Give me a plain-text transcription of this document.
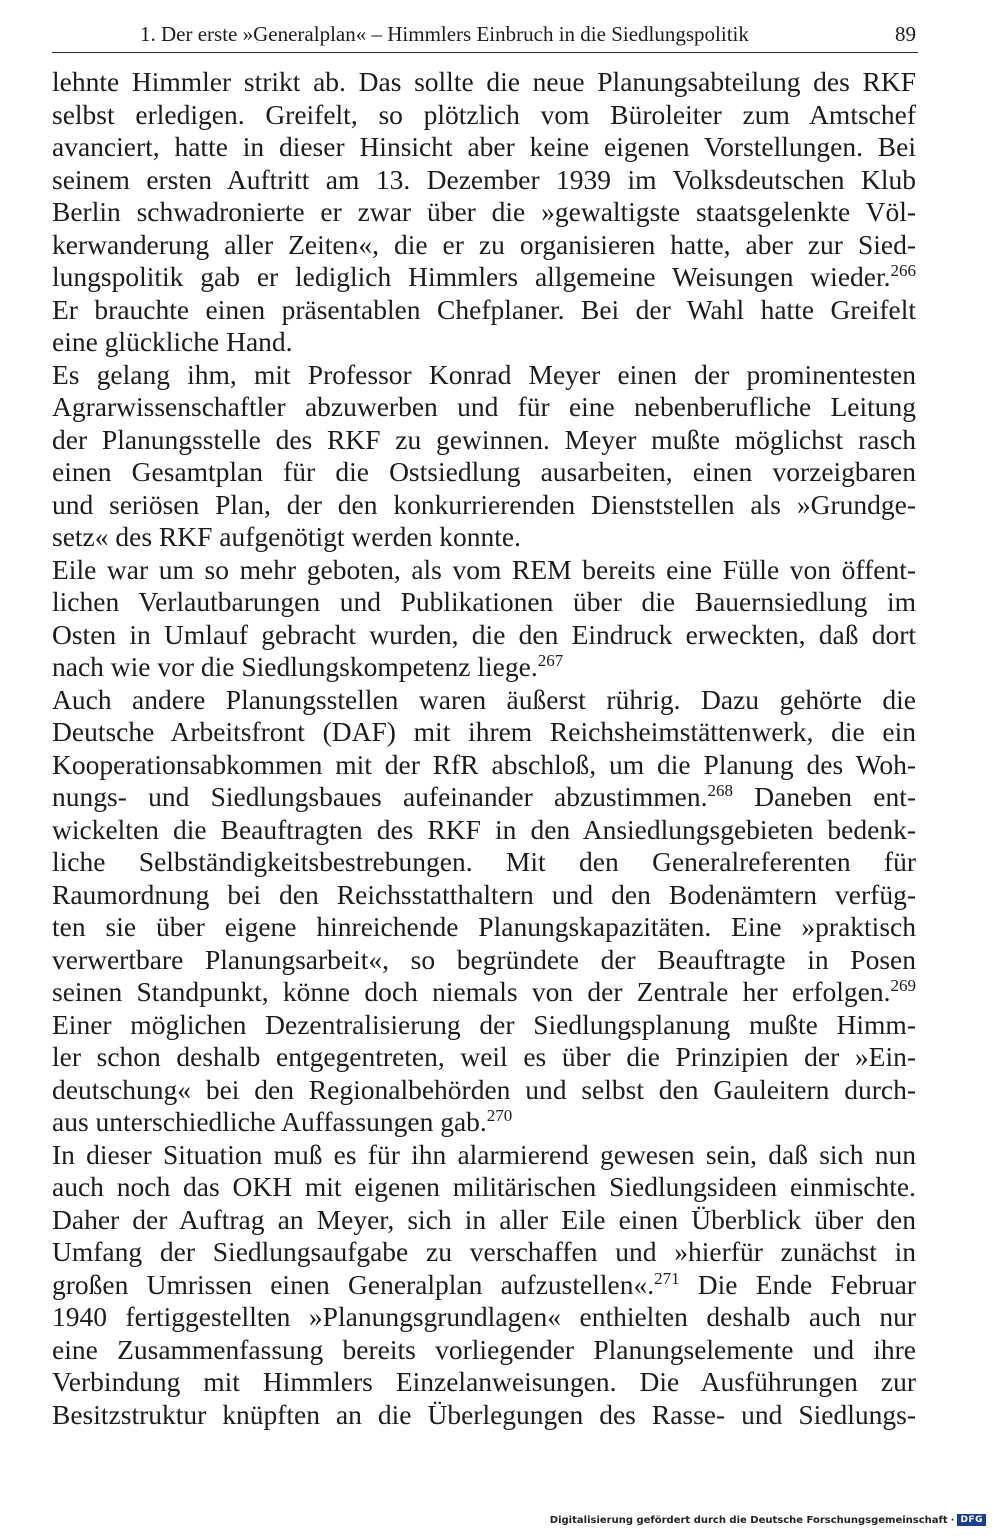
1. Der erste »Generalplan« – Himmlers Einbruch in die Siedlungspolitik	89
lehnte Himmler strikt ab. Das sollte die neue Planungsabteilung des RKF
selbst erledigen. Greifelt, so plötzlich vom Büroleiter zum Amtschef
avanciert, hatte in dieser Hinsicht aber keine eigenen Vorstellungen. Bei
seinem ersten Auftritt am 13. Dezember 1939 im Volksdeutschen Klub
Berlin schwadronierte er zwar über die »gewaltigste staatsgelenkte Völ-
kerwanderung aller Zeiten«, die er zu organisieren hatte, aber zur Sied-
lungspolitik gab er lediglich Himmlers allgemeine Weisungen wieder.$^{266}$
Er brauchte einen präsentablen Chefplaner. Bei der Wahl hatte Greifelt
eine glückliche Hand.
Es gelang ihm, mit Professor Konrad Meyer einen der prominentesten
Agrarwissenschaftler abzuwerben und für eine nebenberufliche Leitung
der Planungsstelle des RKF zu gewinnen. Meyer mußte möglichst rasch
einen Gesamtplan für die Ostsiedlung ausarbeiten, einen vorzeigbaren
und seriösen Plan, der den konkurrierenden Dienststellen als »Grundge-
setz« des RKF aufgenötigt werden konnte.
Eile war um so mehr geboten, als vom REM bereits eine Fülle von öffent-
lichen Verlautbarungen und Publikationen über die Bauernsiedlung im
Osten in Umlauf gebracht wurden, die den Eindruck erweckten, daß dort
nach wie vor die Siedlungskompetenz liege.$^{267}$
Auch andere Planungsstellen waren äußerst rührig. Dazu gehörte die
Deutsche Arbeitsfront (DAF) mit ihrem Reichsheimstättenwerk, die ein
Kooperationsabkommen mit der RfR abschloß, um die Planung des Woh-
nungs- und Siedlungsbaues aufeinander abzustimmen.$^{268}$ Daneben ent-
wickelten die Beauftragten des RKF in den Ansiedlungsgebieten bedenk-
liche Selbständigkeitsbestrebungen. Mit den Generalreferenten für
Raumordnung bei den Reichsstatthaltern und den Bodenämtern verfüg-
ten sie über eigene hinreichende Planungskapazitäten. Eine »praktisch
verwertbare Planungsarbeit«, so begründete der Beauftragte in Posen
seinen Standpunkt, könne doch niemals von der Zentrale her erfolgen.$^{269}$
Einer möglichen Dezentralisierung der Siedlungsplanung mußte Himm-
ler schon deshalb entgegentreten, weil es über die Prinzipien der »Ein-
deutschung« bei den Regionalbehörden und selbst den Gauleitern durch-
aus unterschiedliche Auffassungen gab.$^{270}$
In dieser Situation muß es für ihn alarmierend gewesen sein, daß sich nun
auch noch das OKH mit eigenen militärischen Siedlungsideen einmischte.
Daher der Auftrag an Meyer, sich in aller Eile einen Überblick über den
Umfang der Siedlungsaufgabe zu verschaffen und »hierfür zunächst in
großen Umrissen einen Generalplan aufzustellen«.$^{271}$ Die Ende Februar
1940 fertiggestellten »Planungsgrundlagen« enthielten deshalb auch nur
eine Zusammenfassung bereits vorliegender Planungselemente und ihre
Verbindung mit Himmlers Einzelanweisungen. Die Ausführungen zur
Besitzstruktur knüpften an die Überlegungen des Rasse- und Siedlungs-
Digitalisierung gefördert durch die Deutsche Forschungsgemeinschaft · DFG
